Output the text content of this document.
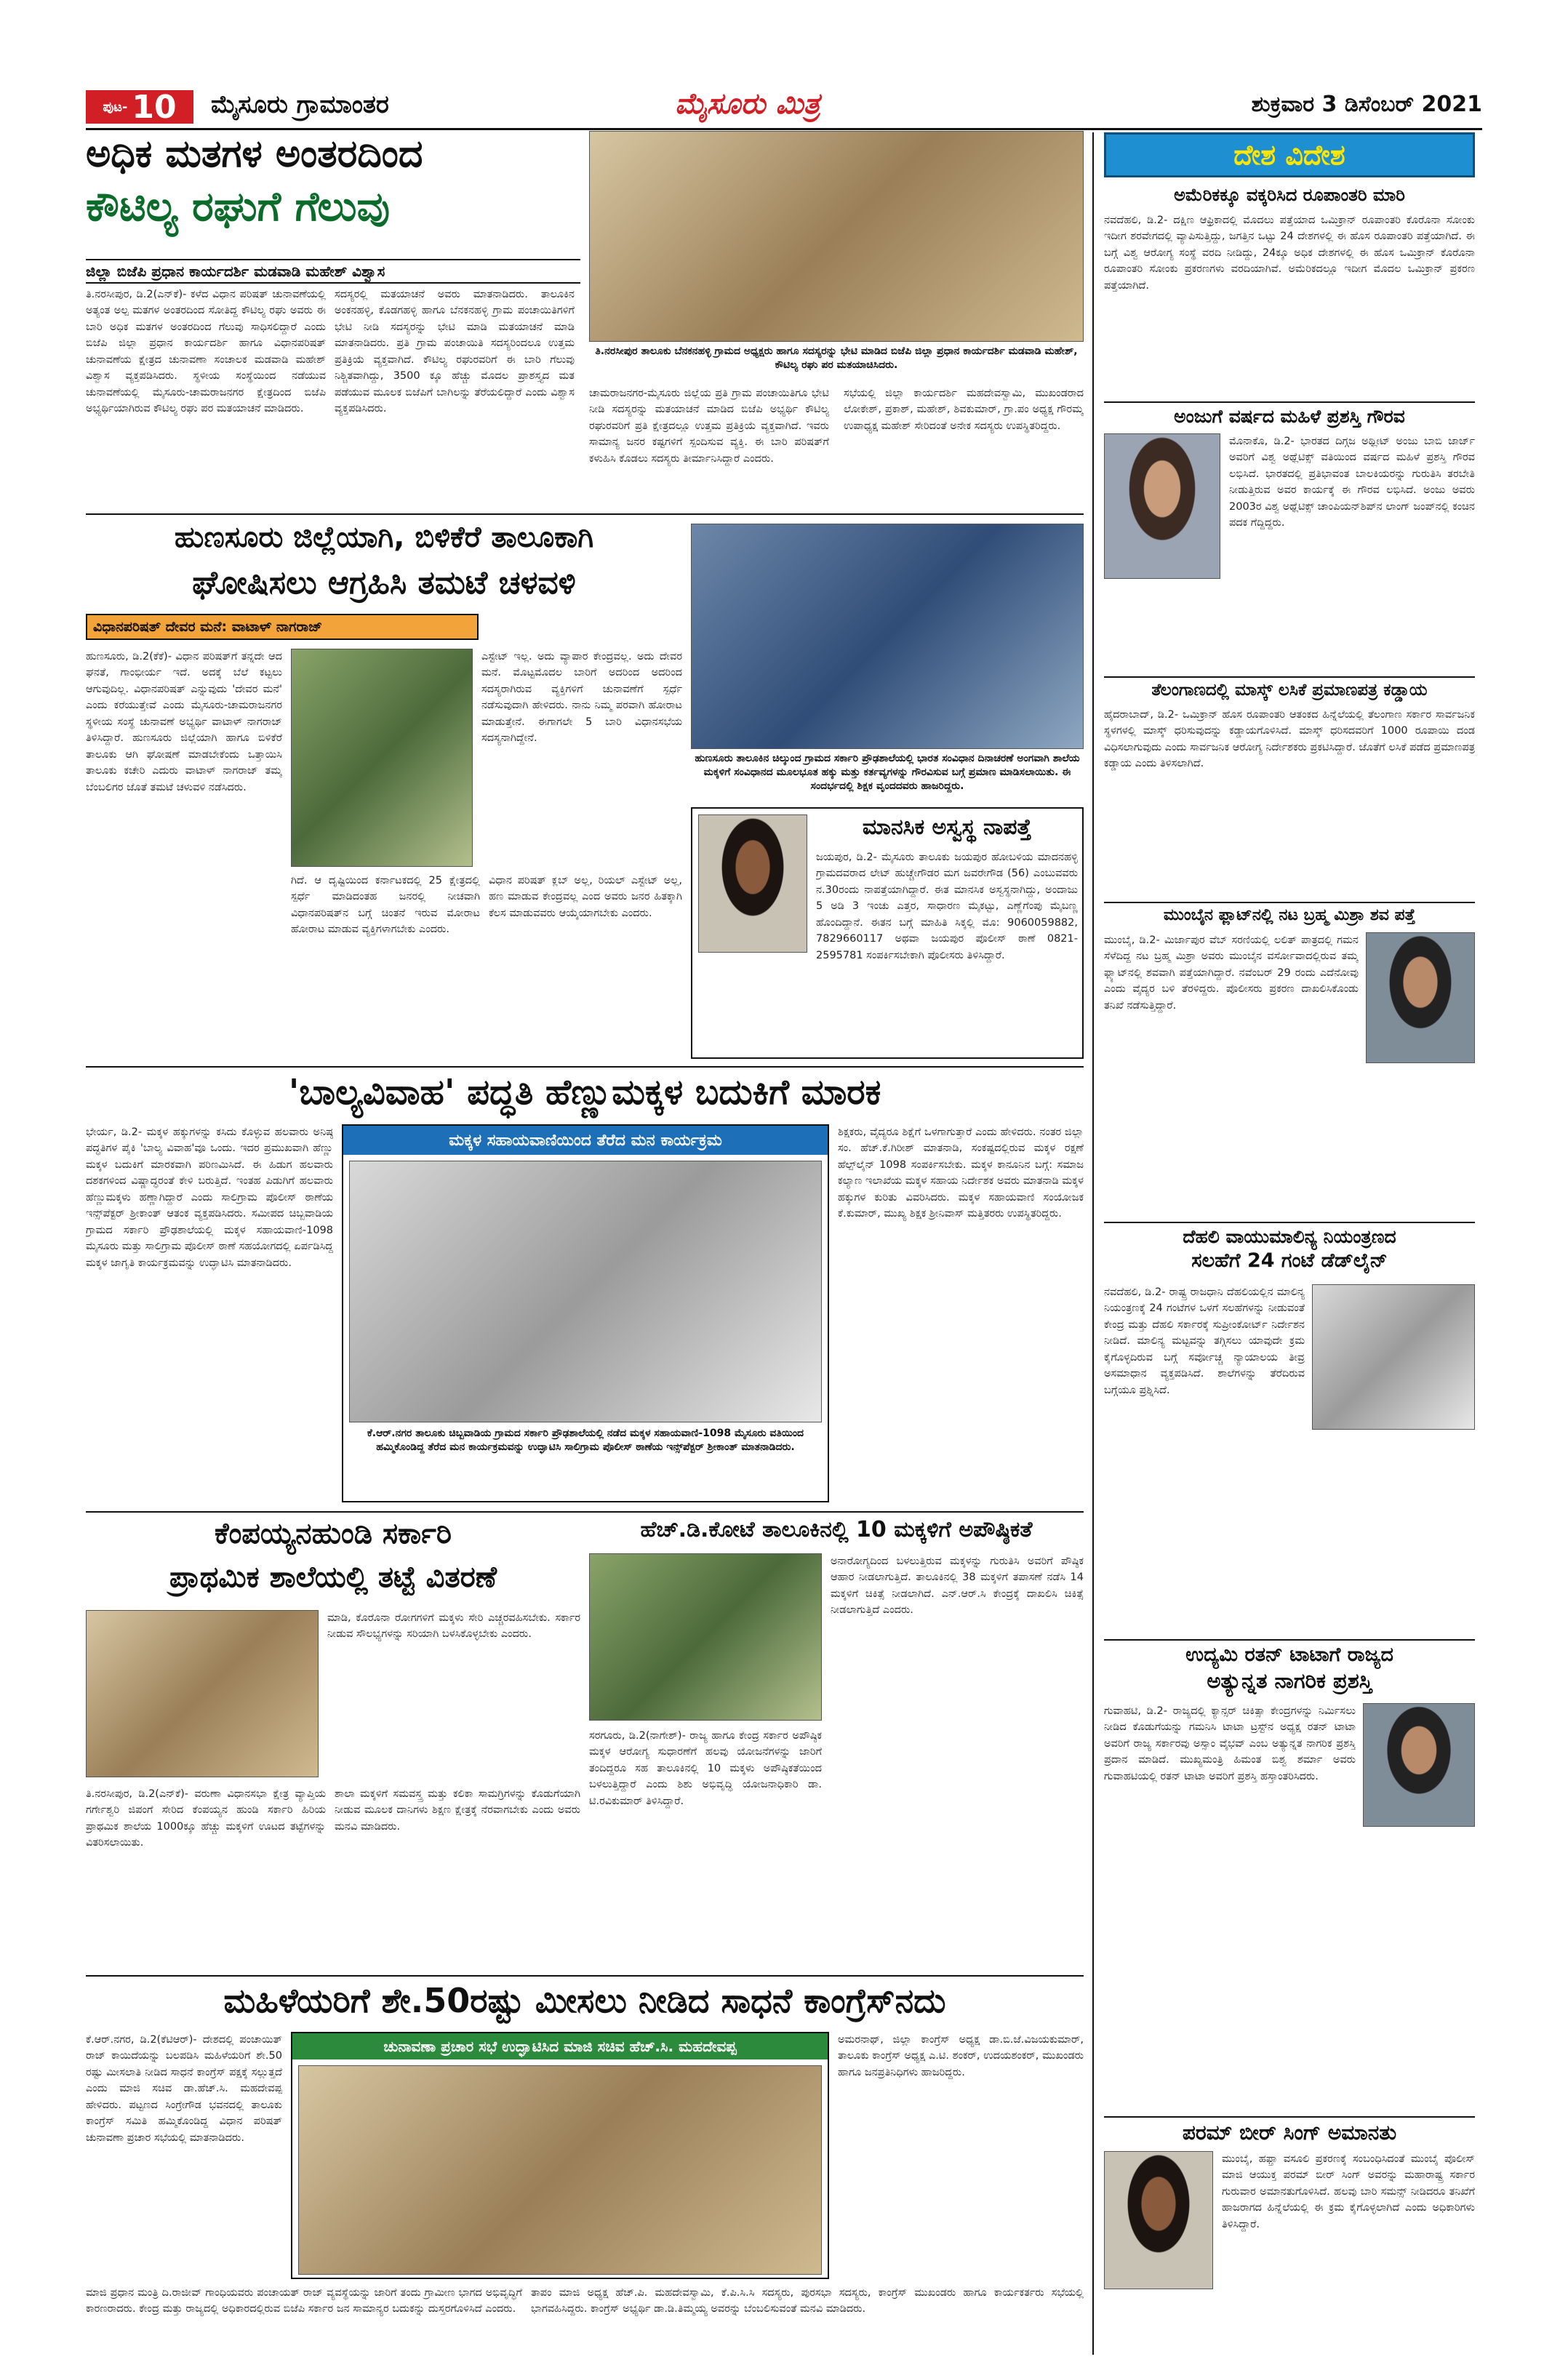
ಪುಟ- 10 ಮೈಸೂರು ಗ್ರಾಮಾಂತರ	ಮೈಸೂರು ಮಿತ್ರ	ಶುಕ್ರವಾರ 3 ಡಿಸೆಂಬರ್ 2021
ಅಧಿಕ ಮತಗಳ ಅಂತರದಿಂದ
ಕೌಟಿಲ್ಯ ರಘುಗೆ ಗೆಲುವು
ಜಿಲ್ಲಾ ಬಿಜೆಪಿ ಪ್ರಧಾನ ಕಾರ್ಯದರ್ಶಿ ಮಡವಾಡಿ ಮಹೇಶ್ ವಿಶ್ವಾಸ
ತಿ.ನರಸೀಪುರ ತಾಲೂಕು ಬೆನಕನಹಳ್ಳಿ ಗ್ರಾಮದ ಅಧ್ಯಕ್ಷರು ಹಾಗೂ ಸದಸ್ಯರನ್ನು ಭೇಟಿ ಮಾಡಿದ ಬಿಜೆಪಿ ಜಿಲ್ಲಾ ಪ್ರಧಾನ ಕಾರ್ಯದರ್ಶಿ ಮಡವಾಡಿ ಮಹೇಶ್, ಕೌಟಿಲ್ಯ ರಘು ಪರ ಮತಯಾಚಿಸಿದರು.
ತಿ.ನರಸೀಪುರ, ಡಿ.2(ಎನ್‌ಕೆ)- ಕಳೆದ ವಿಧಾನ ಪರಿಷತ್ ಚುನಾವಣೆಯಲ್ಲಿ ಅತ್ಯಂತ ಅಲ್ಪ ಮತಗಳ ಅಂತರದಿಂದ ಸೋತಿದ್ದ ಕೌಟಿಲ್ಯ ರಘು ಅವರು ಈ ಬಾರಿ ಅಧಿಕ ಮತಗಳ ಅಂತರದಿಂದ ಗೆಲುವು ಸಾಧಿಸಲಿದ್ದಾರೆ ಎಂದು ಬಿಜೆಪಿ ಜಿಲ್ಲಾ ಪ್ರಧಾನ ಕಾರ್ಯದರ್ಶಿ ಹಾಗೂ ವಿಧಾನಪರಿಷತ್ ಚುನಾವಣೆಯ ಕ್ಷೇತ್ರದ ಚುನಾವಣಾ ಸಂಚಾಲಕ ಮಡವಾಡಿ ಮಹೇಶ್ ವಿಶ್ವಾಸ ವ್ಯಕ್ತಪಡಿಸಿದರು. ಸ್ಥಳೀಯ ಸಂಸ್ಥೆಯಿಂದ ನಡೆಯುವ ಚುನಾವಣೆಯಲ್ಲಿ ಮೈಸೂರು-ಚಾಮರಾಜನಗರ ಕ್ಷೇತ್ರದಿಂದ ಬಿಜೆಪಿ ಅಭ್ಯರ್ಥಿಯಾಗಿರುವ ಕೌಟಿಲ್ಯ ರಘು ಪರ ಮತಯಾಚನೆ ಮಾಡಿದರು.
ಸದಸ್ಯರಲ್ಲಿ ಮತಯಾಚನೆ ಅವರು ಮಾತನಾಡಿದರು. ತಾಲೂಕಿನ ಅಂಕನಹಳ್ಳಿ, ಕೊಡಗಹಳ್ಳಿ ಹಾಗೂ ಬೆನಕನಹಳ್ಳಿ ಗ್ರಾಮ ಪಂಚಾಯಿತಿಗಳಿಗೆ ಭೇಟಿ ನೀಡಿ ಸದಸ್ಯರನ್ನು ಭೇಟಿ ಮಾಡಿ ಮತಯಾಚನೆ ಮಾಡಿ ಮಾತನಾಡಿದರು. ಪ್ರತಿ ಗ್ರಾಮ ಪಂಚಾಯಿತಿ ಸದಸ್ಯರಿಂದಲೂ ಉತ್ತಮ ಪ್ರತಿಕ್ರಿಯೆ ವ್ಯಕ್ತವಾಗಿದೆ. ಕೌಟಿಲ್ಯ ರಘುರವರಿಗೆ ಈ ಬಾರಿ ಗೆಲುವು ನಿಶ್ಚಿತವಾಗಿದ್ದು, 3500 ಕ್ಕೂ ಹೆಚ್ಚು ಮೊದಲ ಪ್ರಾಶಸ್ತ್ಯದ ಮತ ಪಡೆಯುವ ಮೂಲಕ ಬಿಜೆಪಿಗೆ ಬಾಗಿಲನ್ನು ತೆರೆಯಲಿದ್ದಾರೆ ಎಂದು ವಿಶ್ವಾಸ ವ್ಯಕ್ತಪಡಿಸಿದರು.
ಚಾಮರಾಜನಗರ-ಮೈಸೂರು ಜಿಲ್ಲೆಯ ಪ್ರತಿ ಗ್ರಾಮ ಪಂಚಾಯಿತಿಗೂ ಭೇಟಿ ನೀಡಿ ಸದಸ್ಯರನ್ನು ಮತಯಾಚನೆ ಮಾಡಿದ ಬಿಜೆಪಿ ಅಭ್ಯರ್ಥಿ ಕೌಟಿಲ್ಯ ರಘುರವರಿಗೆ ಪ್ರತಿ ಕ್ಷೇತ್ರದಲ್ಲೂ ಉತ್ತಮ ಪ್ರತಿಕ್ರಿಯೆ ವ್ಯಕ್ತವಾಗಿದೆ. ಇವರು ಸಾಮಾನ್ಯ ಜನರ ಕಷ್ಟಗಳಿಗೆ ಸ್ಪಂದಿಸುವ ವ್ಯಕ್ತಿ. ಈ ಬಾರಿ ಪರಿಷತ್‌ಗೆ ಕಳುಹಿಸಿ ಕೊಡಲು ಸದಸ್ಯರು ತೀರ್ಮಾನಿಸಿದ್ದಾರೆ ಎಂದರು.
ಸಭೆಯಲ್ಲಿ ಜಿಲ್ಲಾ ಕಾರ್ಯದರ್ಶಿ ಮಹದೇವಸ್ವಾಮಿ, ಮುಖಂಡರಾದ ಲೋಕೇಶ್, ಪ್ರಕಾಶ್, ಮಹೇಶ್, ಶಿವಕುಮಾರ್, ಗ್ರಾ.ಪಂ ಅಧ್ಯಕ್ಷ ಗೌರಮ್ಮ ಉಪಾಧ್ಯಕ್ಷ ಮಹೇಶ್ ಸೇರಿದಂತೆ ಅನೇಕ ಸದಸ್ಯರು ಉಪಸ್ಥಿತರಿದ್ದರು.
ಹುಣಸೂರು ಜಿಲ್ಲೆಯಾಗಿ, ಬಿಳಿಕೆರೆ ತಾಲೂಕಾಗಿ
ಘೋಷಿಸಲು ಆಗ್ರಹಿಸಿ ತಮಟೆ ಚಳವಳಿ
ವಿಧಾನಪರಿಷತ್ ದೇವರ ಮನೆ: ವಾಟಾಳ್ ನಾಗರಾಜ್
ಹುಣಸೂರು, ಡಿ.2(ಕೆಕೆ)- ವಿಧಾನ ಪರಿಷತ್‌ಗೆ ತನ್ನದೇ ಆದ ಘನತೆ, ಗಾಂಭೀರ್ಯ ಇದೆ. ಅದಕ್ಕೆ ಬೆಲೆ ಕಟ್ಟಲು ಆಗುವುದಿಲ್ಲ. ವಿಧಾನಪರಿಷತ್ ಎನ್ನುವುದು 'ದೇವರ ಮನೆ' ಎಂದು ಕರೆಯುತ್ತೇವೆ ಎಂದು ಮೈಸೂರು-ಚಾಮರಾಜನಗರ ಸ್ಥಳೀಯ ಸಂಸ್ಥೆ ಚುನಾವಣೆ ಅಭ್ಯರ್ಥಿ ವಾಟಾಳ್ ನಾಗರಾಜ್ ತಿಳಿಸಿದ್ದಾರೆ. ಹುಣಸೂರು ಜಿಲ್ಲೆಯಾಗಿ ಹಾಗೂ ಬಿಳಿಕೆರೆ ತಾಲೂಕು ಆಗಿ ಘೋಷಣೆ ಮಾಡಬೇಕೆಂದು ಒತ್ತಾಯಿಸಿ ತಾಲೂಕು ಕಚೇರಿ ಎದುರು ವಾಟಾಳ್ ನಾಗರಾಜ್ ತಮ್ಮ ಬೆಂಬಲಿಗರ ಜೊತೆ ತಮಟೆ ಚಳುವಳಿ ನಡೆಸಿದರು.
ಎಸ್ಟೇಟ್ ಇಲ್ಲ. ಅದು ವ್ಯಾಪಾರ ಕೇಂದ್ರವಲ್ಲ. ಅದು ದೇವರ ಮನೆ. ಮೊಟ್ಟಮೊದಲ ಬಾರಿಗೆ ಅದರಿಂದ ಅದರಿಂದ ಸದಸ್ಯರಾಗಿರುವ ವ್ಯಕ್ತಿಗಳಿಗೆ ಚುನಾವಣೆಗೆ ಸ್ಪರ್ಧೆ ನಡೆಸುವುದಾಗಿ ಹೇಳಿದರು. ನಾನು ನಿಮ್ಮ ಪರವಾಗಿ ಹೋರಾಟ ಮಾಡುತ್ತೇನೆ. ಈಗಾಗಲೇ 5 ಬಾರಿ ವಿಧಾನಸಭೆಯ ಸದಸ್ಯನಾಗಿದ್ದೇನೆ.
ಗಿದೆ. ಆ ದೃಷ್ಟಿಯಿಂದ ಕರ್ನಾಟಕದಲ್ಲಿ 25 ಕ್ಷೇತ್ರದಲ್ಲಿ ಸ್ಪರ್ಧೆ ಮಾಡಿದಂತಹ ಜನರಲ್ಲಿ ನೀಚವಾಗಿ ವಿಧಾನಪರಿಷತ್‌ನ ಬಗ್ಗೆ ಚಿಂತನೆ ಇರುವ ಮೋರಾಟ ಹೋರಾಟ ಮಾಡುವ ವ್ಯಕ್ತಿಗಳಾಗಬೇಕು ಎಂದರು.
ವಿಧಾನ ಪರಿಷತ್ ಕ್ಲಬ್ ಅಲ್ಲ, ರಿಯಲ್ ಎಸ್ಟೇಟ್ ಅಲ್ಲ, ಹಣ ಮಾಡುವ ಕೇಂದ್ರವಲ್ಲ ಎಂದ ಅವರು ಜನರ ಹಿತಕ್ಕಾಗಿ ಕೆಲಸ ಮಾಡುವವರು ಆಯ್ಕೆಯಾಗಬೇಕು ಎಂದರು.
ಹುಣಸೂರು ತಾಲೂಕಿನ ಚಿಲ್ಕುಂದ ಗ್ರಾಮದ ಸರ್ಕಾರಿ ಪ್ರೌಢಶಾಲೆಯಲ್ಲಿ ಭಾರತ ಸಂವಿಧಾನ ದಿನಾಚರಣೆ ಅಂಗವಾಗಿ ಶಾಲೆಯ ಮಕ್ಕಳಿಗೆ ಸಂವಿಧಾನದ ಮೂಲಭೂತ ಹಕ್ಕು ಮತ್ತು ಕರ್ತವ್ಯಗಳನ್ನು ಗೌರವಿಸುವ ಬಗ್ಗೆ ಪ್ರಮಾಣ ಮಾಡಿಸಲಾಯಿತು. ಈ ಸಂದರ್ಭದಲ್ಲಿ ಶಿಕ್ಷಕ ವೃಂದದವರು ಹಾಜರಿದ್ದರು.
ಮಾನಸಿಕ ಅಸ್ವಸ್ಥ ನಾಪತ್ತೆ
ಜಯಪುರ, ಡಿ.2- ಮೈಸೂರು ತಾಲೂಕು ಜಯಪುರ ಹೋಬಳಿಯ ಮಾದನಹಳ್ಳಿ ಗ್ರಾಮದವರಾದ ಲೇಟ್ ಹುಚ್ಚೇಗೌಡರ ಮಗ ಜವರೇಗೌಡ (56) ಎಂಬುವವರು ನ.30ರಂದು ನಾಪತ್ತೆಯಾಗಿದ್ದಾರೆ. ಈತ ಮಾನಸಿಕ ಅಸ್ವಸ್ಥನಾಗಿದ್ದು, ಅಂದಾಜು 5 ಅಡಿ 3 ಇಂಚು ಎತ್ತರ, ಸಾಧಾರಣ ಮೈಕಟ್ಟು, ಎಣ್ಣೆಗೆಂಪು ಮೈಬಣ್ಣ ಹೊಂದಿದ್ದಾನೆ. ಈತನ ಬಗ್ಗೆ ಮಾಹಿತಿ ಸಿಕ್ಕಲ್ಲಿ ಮೊ: 9060059882, 7829660117 ಅಥವಾ ಜಯಪುರ ಪೊಲೀಸ್ ಠಾಣೆ 0821-2595781 ಸಂಪರ್ಕಿಸಬೇಕಾಗಿ ಪೊಲೀಸರು ತಿಳಿಸಿದ್ದಾರೆ.
'ಬಾಲ್ಯವಿವಾಹ' ಪದ್ಧತಿ ಹೆಣ್ಣುಮಕ್ಕಳ ಬದುಕಿಗೆ ಮಾರಕ
ಭೇರ್ಯ, ಡಿ.2- ಮಕ್ಕಳ ಹಕ್ಕುಗಳನ್ನು ಕಸಿದು ಕೊಳ್ಳುವ ಹಲವಾರು ಅನಿಷ್ಠ ಪದ್ಧತಿಗಳ ಪೈಕಿ 'ಬಾಲ್ಯ ವಿವಾಹ'ವೂ ಒಂದು. ಇದರ ಪ್ರಮುಖವಾಗಿ ಹೆಣ್ಣು ಮಕ್ಕಳ ಬದುಕಿಗೆ ಮಾರಕವಾಗಿ ಪರಿಣಮಿಸಿದೆ. ಈ ಹಿಡುಗ ಹಲವಾರು ದಶಕಗಳಿಂದ ವಿಷ್ಣಾದ್ಧರಂತೆ ಕೇಳಿ ಬರುತ್ತಿದೆ. ಇಂತಹ ಪಿಡುಗಿಗೆ ಹಲವಾರು ಹೆಣ್ಣುಮಕ್ಕಳು ಹಣ್ಣಾಗಿದ್ದಾರೆ ಎಂದು ಸಾಲಿಗ್ರಾಮ ಪೊಲೀಸ್ ಠಾಣೆಯ ಇನ್ಸ್‌ಪೆಕ್ಟರ್ ಶ್ರೀಕಾಂತ್ ಆತಂಕ ವ್ಯಕ್ತಪಡಿಸಿದರು. ಸಮೀಪದ ಚಿಬ್ಬವಾಡಿಯ ಗ್ರಾಮದ ಸರ್ಕಾರಿ ಪ್ರೌಢಶಾಲೆಯಲ್ಲಿ ಮಕ್ಕಳ ಸಹಾಯವಾಣಿ-1098 ಮೈಸೂರು ಮತ್ತು ಸಾಲಿಗ್ರಾಮ ಪೊಲೀಸ್ ಠಾಣೆ ಸಹಯೋಗದಲ್ಲಿ ಏರ್ಪಡಿಸಿದ್ದ ಮಕ್ಕಳ ಜಾಗೃತಿ ಕಾರ್ಯಕ್ರಮವನ್ನು ಉದ್ಘಾಟಿಸಿ ಮಾತನಾಡಿದರು.
ಮಕ್ಕಳ ಸಹಾಯವಾಣಿಯಿಂದ ತೆರೆದ ಮನ ಕಾರ್ಯಕ್ರಮ
ಕೆ.ಆರ್.ನಗರ ತಾಲೂಕು ಚಿಬ್ಬವಾಡಿಯ ಗ್ರಾಮದ ಸರ್ಕಾರಿ ಪ್ರೌಢಶಾಲೆಯಲ್ಲಿ ನಡೆದ ಮಕ್ಕಳ ಸಹಾಯವಾಣಿ-1098 ಮೈಸೂರು ವತಿಯಿಂದ ಹಮ್ಮಿಕೊಂಡಿದ್ದ ತೆರೆದ ಮನ ಕಾರ್ಯಕ್ರಮವನ್ನು ಉದ್ಘಾಟಿಸಿ ಸಾಲಿಗ್ರಾಮ ಪೊಲೀಸ್ ಠಾಣೆಯ ಇನ್ಸ್‌ಪೆಕ್ಟರ್ ಶ್ರೀಕಾಂತ್ ಮಾತನಾಡಿದರು.
ಶಿಕ್ಷಕರು, ವೈದ್ಯರೂ ಶಿಕ್ಷೆಗೆ ಒಳಗಾಗುತ್ತಾರೆ ಎಂದು ಹೇಳಿದರು. ನಂತರ ಜಿಲ್ಲಾ ಸಂ. ಹೆಚ್.ಕೆ.ಗಿರೀಶ್ ಮಾತನಾಡಿ, ಸಂಕಷ್ಟದಲ್ಲಿರುವ ಮಕ್ಕಳ ರಕ್ಷಣೆ ಹೆಲ್ಪ್‌ಲೈನ್ 1098 ಸಂಪರ್ಕಿಸಬೇಕು. ಮಕ್ಕಳ ಕಾನೂನಿನ ಬಗ್ಗೆ: ಸಮಾಜ ಕಲ್ಯಾಣ ಇಲಾಖೆಯ ಮಕ್ಕಳ ಸಹಾಯ ನಿರ್ದೇಶಕ ಅವರು ಮಾತನಾಡಿ ಮಕ್ಕಳ ಹಕ್ಕುಗಳ ಕುರಿತು ವಿವರಿಸಿದರು. ಮಕ್ಕಳ ಸಹಾಯವಾಣಿ ಸಂಯೋಜಕ ಕೆ.ಕುಮಾರ್, ಮುಖ್ಯ ಶಿಕ್ಷಕ ಶ್ರೀನಿವಾಸ್ ಮತ್ತಿತರರು ಉಪಸ್ಥಿತರಿದ್ದರು.
ಕೆಂಪಯ್ಯನಹುಂಡಿ ಸರ್ಕಾರಿ
ಪ್ರಾಥಮಿಕ ಶಾಲೆಯಲ್ಲಿ ತಟ್ಟೆ ವಿತರಣೆ
ಮಾಡಿ, ಕೊರೊನಾ ರೋಗಗಳಿಗೆ ಮಕ್ಕಳು ಸೇರಿ ಎಚ್ಚರವಹಿಸಬೇಕು. ಸರ್ಕಾರ ನೀಡುವ ಸೌಲಭ್ಯಗಳನ್ನು ಸರಿಯಾಗಿ ಬಳಸಿಕೊಳ್ಳಬೇಕು ಎಂದರು.
ತಿ.ನರಸೀಪುರ, ಡಿ.2(ಎನ್‌ಕೆ)- ವರುಣಾ ವಿಧಾನಸಭಾ ಕ್ಷೇತ್ರ ವ್ಯಾಪ್ತಿಯ ಗರ್ಗೇಶ್ವರಿ ಜಿಪಂಗೆ ಸೇರಿದ ಕೆಂಪಯ್ಯನ ಹುಂಡಿ ಸರ್ಕಾರಿ ಹಿರಿಯ ಪ್ರಾಥಮಿಕ ಶಾಲೆಯ 1000ಕ್ಕೂ ಹೆಚ್ಚು ಮಕ್ಕಳಿಗೆ ಊಟದ ತಟ್ಟೆಗಳನ್ನು ವಿತರಿಸಲಾಯಿತು.
ಶಾಲಾ ಮಕ್ಕಳಿಗೆ ಸಮವಸ್ತ್ರ ಮತ್ತು ಕಲಿಕಾ ಸಾಮಗ್ರಿಗಳನ್ನು ಕೊಡುಗೆಯಾಗಿ ನೀಡುವ ಮೂಲಕ ದಾನಿಗಳು ಶಿಕ್ಷಣ ಕ್ಷೇತ್ರಕ್ಕೆ ನೆರವಾಗಬೇಕು ಎಂದು ಅವರು ಮನವಿ ಮಾಡಿದರು.
ಹೆಚ್.ಡಿ.ಕೋಟೆ ತಾಲೂಕಿನಲ್ಲಿ 10 ಮಕ್ಕಳಿಗೆ ಅಪೌಷ್ಠಿಕತೆ
ಅನಾರೋಗ್ಯದಿಂದ ಬಳಲುತ್ತಿರುವ ಮಕ್ಕಳನ್ನು ಗುರುತಿಸಿ ಅವರಿಗೆ ಪೌಷ್ಠಿಕ ಆಹಾರ ನೀಡಲಾಗುತ್ತಿದೆ. ತಾಲೂಕಿನಲ್ಲಿ 38 ಮಕ್ಕಳಿಗೆ ತಪಾಸಣೆ ನಡೆಸಿ 14 ಮಕ್ಕಳಿಗೆ ಚಿಕಿತ್ಸೆ ನೀಡಲಾಗಿದೆ. ಎನ್.ಆರ್.ಸಿ ಕೇಂದ್ರಕ್ಕೆ ದಾಖಲಿಸಿ ಚಿಕಿತ್ಸೆ ನೀಡಲಾಗುತ್ತಿದೆ ಎಂದರು.
ಸರಗೂರು, ಡಿ.2(ನಾಗೇಶ್)- ರಾಜ್ಯ ಹಾಗೂ ಕೇಂದ್ರ ಸರ್ಕಾರ ಅಪೌಷ್ಠಿಕ ಮಕ್ಕಳ ಆರೋಗ್ಯ ಸುಧಾರಣೆಗೆ ಹಲವು ಯೋಜನೆಗಳನ್ನು ಜಾರಿಗೆ ತಂದಿದ್ದರೂ ಸಹ ತಾಲೂಕಿನಲ್ಲಿ 10 ಮಕ್ಕಳು ಅಪೌಷ್ಠಿಕತೆಯಿಂದ ಬಳಲುತ್ತಿದ್ದಾರೆ ಎಂದು ಶಿಶು ಅಭಿವೃದ್ಧಿ ಯೋಜನಾಧಿಕಾರಿ ಡಾ. ಟಿ.ರವಿಕುಮಾರ್ ತಿಳಿಸಿದ್ದಾರೆ.
ಮಹಿಳೆಯರಿಗೆ ಶೇ.50ರಷ್ಟು ಮೀಸಲು ನೀಡಿದ ಸಾಧನೆ ಕಾಂಗ್ರೆಸ್‌ನದು
ಕೆ.ಆರ್.ನಗರ, ಡಿ.2(ಕೆಟಿಆರ್)- ದೇಶದಲ್ಲಿ ಪಂಚಾಯಿತ್ ರಾಜ್ ಕಾಯಿದೆಯನ್ನು ಬಲಪಡಿಸಿ ಮಹಿಳೆಯರಿಗೆ ಶೇ.50 ರಷ್ಟು ಮೀಸಲಾತಿ ನೀಡಿದ ಸಾಧನೆ ಕಾಂಗ್ರೆಸ್ ಪಕ್ಷಕ್ಕೆ ಸಲ್ಲುತ್ತದೆ ಎಂದು ಮಾಜಿ ಸಚಿವ ಡಾ.ಹೆಚ್.ಸಿ. ಮಹದೇವಪ್ಪ ಹೇಳಿದರು. ಪಟ್ಟಣದ ಸಿಂಗ್ರೇಗೌಡ ಭವನದಲ್ಲಿ ತಾಲೂಕು ಕಾಂಗ್ರೆಸ್ ಸಮಿತಿ ಹಮ್ಮಿಕೊಂಡಿದ್ದ ವಿಧಾನ ಪರಿಷತ್ ಚುನಾವಣಾ ಪ್ರಚಾರ ಸಭೆಯಲ್ಲಿ ಮಾತನಾಡಿದರು.
ಚುನಾವಣಾ ಪ್ರಚಾರ ಸಭೆ ಉದ್ಘಾಟಿಸಿದ ಮಾಜಿ ಸಚಿವ ಹೆಚ್.ಸಿ. ಮಹದೇವಪ್ಪ	ಅಮರನಾಥ್, ಜಿಲ್ಲಾ ಕಾಂಗ್ರೆಸ್ ಅಧ್ಯಕ್ಷ ಡಾ.ಬಿ.ಜೆ.ವಿಜಯಕುಮಾರ್, ತಾಲೂಕು ಕಾಂಗ್ರೆಸ್ ಅಧ್ಯಕ್ಷ ಎ.ಟಿ. ಶಂಕರ್, ಉದಯಶಂಕರ್, ಮುಖಂಡರು ಹಾಗೂ ಜನಪ್ರತಿನಿಧಿಗಳು ಹಾಜರಿದ್ದರು.
ಮಾಜಿ ಪ್ರಧಾನ ಮಂತ್ರಿ ದಿ.ರಾಜೀವ್ ಗಾಂಧಿಯವರು ಪಂಚಾಯತ್ ರಾಜ್ ವ್ಯವಸ್ಥೆಯನ್ನು ಜಾರಿಗೆ ತಂದು ಗ್ರಾಮೀಣ ಭಾಗದ ಅಭಿವೃದ್ಧಿಗೆ ಕಾರಣರಾದರು. ಕೇಂದ್ರ ಮತ್ತು ರಾಜ್ಯದಲ್ಲಿ ಅಧಿಕಾರದಲ್ಲಿರುವ ಬಿಜೆಪಿ ಸರ್ಕಾರ ಜನ ಸಾಮಾನ್ಯರ ಬದುಕನ್ನು ದುಸ್ತರಗೊಳಿಸಿದೆ ಎಂದರು.
ತಾಪಂ ಮಾಜಿ ಅಧ್ಯಕ್ಷ ಹೆಚ್.ಪಿ. ಮಹದೇವಸ್ವಾಮಿ, ಕೆ.ಪಿ.ಸಿ.ಸಿ ಸದಸ್ಯರು, ಪುರಸಭಾ ಸದಸ್ಯರು, ಕಾಂಗ್ರೆಸ್ ಮುಖಂಡರು ಹಾಗೂ ಕಾರ್ಯಕರ್ತರು ಸಭೆಯಲ್ಲಿ ಭಾಗವಹಿಸಿದ್ದರು. ಕಾಂಗ್ರೆಸ್ ಅಭ್ಯರ್ಥಿ ಡಾ.ಡಿ.ತಿಮ್ಮಯ್ಯ ಅವರನ್ನು ಬೆಂಬಲಿಸುವಂತೆ ಮನವಿ ಮಾಡಿದರು.
ದೇಶ ವಿದೇಶ
ಅಮೆರಿಕಕ್ಕೂ ವಕ್ಕರಿಸಿದ ರೂಪಾಂತರಿ ಮಾರಿ
ನವದೆಹಲಿ, ಡಿ.2- ದಕ್ಷಿಣ ಆಫ್ರಿಕಾದಲ್ಲಿ ಮೊದಲು ಪತ್ತೆಯಾದ ಒಮಿಕ್ರಾನ್ ರೂಪಾಂತರಿ ಕೊರೊನಾ ಸೋಂಕು ಇದೀಗ ಶರವೇಗದಲ್ಲಿ ವ್ಯಾಪಿಸುತ್ತಿದ್ದು, ಜಗತ್ತಿನ ಒಟ್ಟು 24 ದೇಶಗಳಲ್ಲಿ ಈ ಹೊಸ ರೂಪಾಂತರಿ ಪತ್ತೆಯಾಗಿದೆ. ಈ ಬಗ್ಗೆ ವಿಶ್ವ ಆರೋಗ್ಯ ಸಂಸ್ಥೆ ವರದಿ ನೀಡಿದ್ದು, 24ಕ್ಕೂ ಅಧಿಕ ದೇಶಗಳಲ್ಲಿ ಈ ಹೊಸ ಒಮಿಕ್ರಾನ್ ಕೊರೊನಾ ರೂಪಾಂತರಿ ಸೋಂಕು ಪ್ರಕರಣಗಳು ವರದಿಯಾಗಿವೆ. ಅಮೆರಿಕದಲ್ಲೂ ಇದೀಗ ಮೊದಲ ಒಮಿಕ್ರಾನ್ ಪ್ರಕರಣ ಪತ್ತೆಯಾಗಿದೆ.
ಅಂಜುಗೆ ವರ್ಷದ ಮಹಿಳೆ ಪ್ರಶಸ್ತಿ ಗೌರವ
ಮೊನಾಕೊ, ಡಿ.2- ಭಾರತದ ದಿಗ್ಗಜ ಅಥ್ಲೀಟ್ ಅಂಜು ಬಾಬಿ ಜಾರ್ಜ್ ಅವರಿಗೆ ವಿಶ್ವ ಅಥ್ಲೆಟಿಕ್ಸ್ ವತಿಯಿಂದ ವರ್ಷದ ಮಹಿಳೆ ಪ್ರಶಸ್ತಿ ಗೌರವ ಲಭಿಸಿದೆ. ಭಾರತದಲ್ಲಿ ಪ್ರತಿಭಾವಂತ ಬಾಲಕಿಯರನ್ನು ಗುರುತಿಸಿ ತರಬೇತಿ ನೀಡುತ್ತಿರುವ ಅವರ ಕಾರ್ಯಕ್ಕೆ ಈ ಗೌರವ ಲಭಿಸಿದೆ. ಅಂಜು ಅವರು 2003ರ ವಿಶ್ವ ಅಥ್ಲೆಟಿಕ್ಸ್ ಚಾಂಪಿಯನ್‌ಶಿಪ್‌ನ ಲಾಂಗ್ ಜಂಪ್‌ನಲ್ಲಿ ಕಂಚಿನ ಪದಕ ಗೆದ್ದಿದ್ದರು.
ತೆಲಂಗಾಣದಲ್ಲಿ ಮಾಸ್ಕ್ ಲಸಿಕೆ ಪ್ರಮಾಣಪತ್ರ ಕಡ್ಡಾಯ
ಹೈದರಾಬಾದ್, ಡಿ.2- ಒಮಿಕ್ರಾನ್ ಹೊಸ ರೂಪಾಂತರಿ ಆತಂಕದ ಹಿನ್ನೆಲೆಯಲ್ಲಿ ತೆಲಂಗಾಣ ಸರ್ಕಾರ ಸಾರ್ವಜನಿಕ ಸ್ಥಳಗಳಲ್ಲಿ ಮಾಸ್ಕ್ ಧರಿಸುವುದನ್ನು ಕಡ್ಡಾಯಗೊಳಿಸಿದೆ. ಮಾಸ್ಕ್ ಧರಿಸದವರಿಗೆ 1000 ರೂಪಾಯಿ ದಂಡ ವಿಧಿಸಲಾಗುವುದು ಎಂದು ಸಾರ್ವಜನಿಕ ಆರೋಗ್ಯ ನಿರ್ದೇಶಕರು ಪ್ರಕಟಿಸಿದ್ದಾರೆ. ಜೊತೆಗೆ ಲಸಿಕೆ ಪಡೆದ ಪ್ರಮಾಣಪತ್ರ ಕಡ್ಡಾಯ ಎಂದು ತಿಳಿಸಲಾಗಿದೆ.
ಮುಂಬೈನ ಫ್ಲಾಟ್‌ನಲ್ಲಿ ನಟ ಬ್ರಹ್ಮ ಮಿಶ್ರಾ ಶವ ಪತ್ತೆ
ಮುಂಬೈ, ಡಿ.2- ಮಿರ್ಜಾಪುರ ವೆಬ್ ಸರಣಿಯಲ್ಲಿ ಲಲಿತ್ ಪಾತ್ರದಲ್ಲಿ ಗಮನ ಸೆಳೆದಿದ್ದ ನಟ ಬ್ರಹ್ಮ ಮಿಶ್ರಾ ಅವರು ಮುಂಬೈನ ವರ್ಸೋವಾದಲ್ಲಿರುವ ತಮ್ಮ ಫ್ಲ್ಯಾಟ್‌ನಲ್ಲಿ ಶವವಾಗಿ ಪತ್ತೆಯಾಗಿದ್ದಾರೆ. ನವೆಂಬರ್ 29 ರಂದು ಎದೆನೋವು ಎಂದು ವೈದ್ಯರ ಬಳಿ ತೆರಳಿದ್ದರು. ಪೊಲೀಸರು ಪ್ರಕರಣ ದಾಖಲಿಸಿಕೊಂಡು ತನಿಖೆ ನಡೆಸುತ್ತಿದ್ದಾರೆ.
ದೆಹಲಿ ವಾಯುಮಾಲಿನ್ಯ ನಿಯಂತ್ರಣದ
ಸಲಹೆಗೆ 24 ಗಂಟೆ ಡೆಡ್‌ಲೈನ್
ನವದೆಹಲಿ, ಡಿ.2- ರಾಷ್ಟ್ರ ರಾಜಧಾನಿ ದೆಹಲಿಯಲ್ಲಿನ ಮಾಲಿನ್ಯ ನಿಯಂತ್ರಣಕ್ಕೆ 24 ಗಂಟೆಗಳ ಒಳಗೆ ಸಲಹೆಗಳನ್ನು ನೀಡುವಂತೆ ಕೇಂದ್ರ ಮತ್ತು ದೆಹಲಿ ಸರ್ಕಾರಕ್ಕೆ ಸುಪ್ರೀಂಕೋರ್ಟ್ ನಿರ್ದೇಶನ ನೀಡಿದೆ. ಮಾಲಿನ್ಯ ಮಟ್ಟವನ್ನು ತಗ್ಗಿಸಲು ಯಾವುದೇ ಕ್ರಮ ಕೈಗೊಳ್ಳದಿರುವ ಬಗ್ಗೆ ಸರ್ವೋಚ್ಚ ನ್ಯಾಯಾಲಯ ತೀವ್ರ ಅಸಮಾಧಾನ ವ್ಯಕ್ತಪಡಿಸಿದೆ. ಶಾಲೆಗಳನ್ನು ತೆರೆದಿರುವ ಬಗ್ಗೆಯೂ ಪ್ರಶ್ನಿಸಿದೆ.
ಉದ್ಯಮಿ ರತನ್ ಟಾಟಾಗೆ ರಾಜ್ಯದ
ಅತ್ಯುನ್ನತ ನಾಗರಿಕ ಪ್ರಶಸ್ತಿ
ಗುವಾಹಟಿ, ಡಿ.2- ರಾಜ್ಯದಲ್ಲಿ ಕ್ಯಾನ್ಸರ್ ಚಿಕಿತ್ಸಾ ಕೇಂದ್ರಗಳನ್ನು ನಿರ್ಮಿಸಲು ನೀಡಿದ ಕೊಡುಗೆಯನ್ನು ಗಮನಿಸಿ ಟಾಟಾ ಟ್ರಸ್ಟ್‌ನ ಅಧ್ಯಕ್ಷ ರತನ್ ಟಾಟಾ ಅವರಿಗೆ ರಾಜ್ಯ ಸರ್ಕಾರವು ಅಸ್ಸಾಂ ವೈಭವ್ ಎಂಬ ಅತ್ಯುನ್ನತ ನಾಗರಿಕ ಪ್ರಶಸ್ತಿ ಪ್ರದಾನ ಮಾಡಿದೆ. ಮುಖ್ಯಮಂತ್ರಿ ಹಿಮಂತ ಬಿಶ್ವ ಶರ್ಮಾ ಅವರು ಗುವಾಹಟಿಯಲ್ಲಿ ರತನ್ ಟಾಟಾ ಅವರಿಗೆ ಪ್ರಶಸ್ತಿ ಹಸ್ತಾಂತರಿಸಿದರು.
ಪರಮ್ ಬೀರ್ ಸಿಂಗ್ ಅಮಾನತು
ಮುಂಬೈ, ಹಫ್ತಾ ವಸೂಲಿ ಪ್ರಕರಣಕ್ಕೆ ಸಂಬಂಧಿಸಿದಂತೆ ಮುಂಬೈ ಪೊಲೀಸ್ ಮಾಜಿ ಆಯುಕ್ತ ಪರಮ್ ಬೀರ್ ಸಿಂಗ್ ಅವರನ್ನು ಮಹಾರಾಷ್ಟ್ರ ಸರ್ಕಾರ ಗುರುವಾರ ಅಮಾನತುಗೊಳಿಸಿದೆ. ಹಲವು ಬಾರಿ ಸಮನ್ಸ್ ನೀಡಿದರೂ ತನಿಖೆಗೆ ಹಾಜರಾಗದ ಹಿನ್ನೆಲೆಯಲ್ಲಿ ಈ ಕ್ರಮ ಕೈಗೊಳ್ಳಲಾಗಿದೆ ಎಂದು ಅಧಿಕಾರಿಗಳು ತಿಳಿಸಿದ್ದಾರೆ.
